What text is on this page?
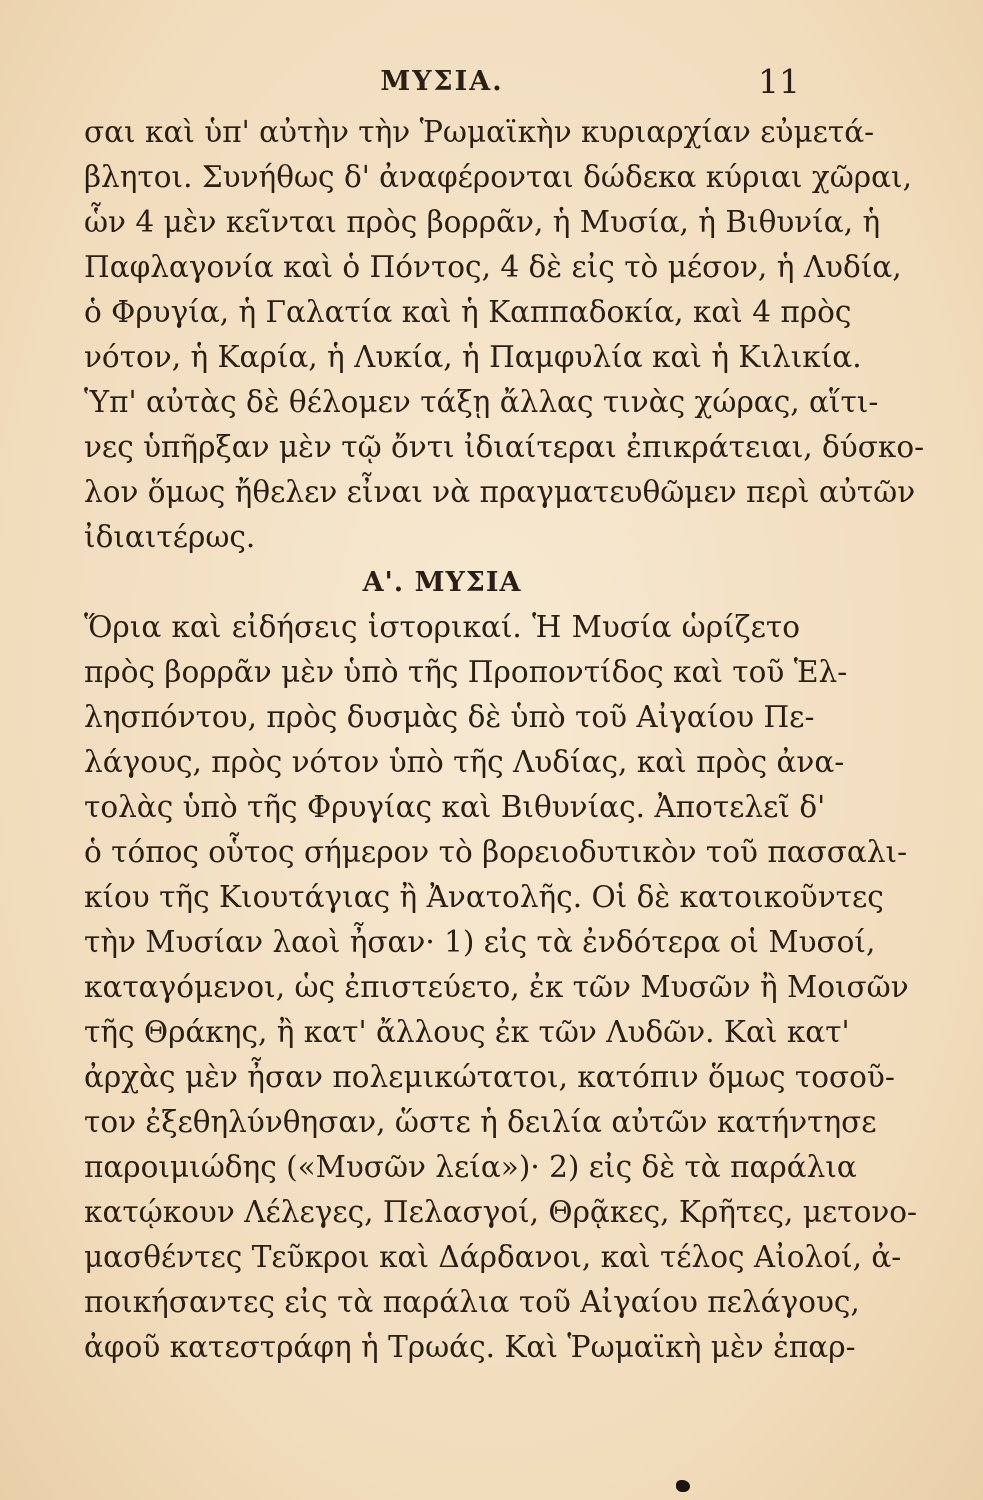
ΜΥΣΙΑ.	11
σαι καὶ ὑπ' αὐτὴν τὴν Ῥωμαϊκὴν κυριαρχίαν εὐμετά-
βλητοι. Συνήθως δ' ἀναφέρονται δώδεκα κύριαι χῶραι,
ὧν 4 μὲν κεῖνται πρὸς βορρᾶν, ἡ Μυσία, ἡ Βιθυνία, ἡ
Παφλαγονία καὶ ὁ Πόντος, 4 δὲ εἰς τὸ μέσον, ἡ Λυδία,
ὁ Φρυγία, ἡ Γαλατία καὶ ἡ Καππαδοκία, καὶ 4 πρὸς
νότον, ἡ Καρία, ἡ Λυκία, ἡ Παμφυλία καὶ ἡ Κιλικία.
Ὑπ' αὐτὰς δὲ θέλομεν τάξῃ ἄλλας τινὰς χώρας, αἵτι-
νες ὑπῆρξαν μὲν τῷ ὄντι ἰδιαίτεραι ἐπικράτειαι, δύσκο-
λον ὅμως ἤθελεν εἶναι νὰ πραγματευθῶμεν περὶ αὐτῶν
ἰδιαιτέρως.
Α'. ΜΥΣΙΑ
Ὅρια καὶ εἰδήσεις ἱστορικαί. Ἡ Μυσία ὡρίζετο
πρὸς βορρᾶν μὲν ὑπὸ τῆς Προποντίδος καὶ τοῦ Ἑλ-
λησπόντου, πρὸς δυσμὰς δὲ ὑπὸ τοῦ Αἰγαίου Πε-
λάγους, πρὸς νότον ὑπὸ τῆς Λυδίας, καὶ πρὸς ἀνα-
τολὰς ὑπὸ τῆς Φρυγίας καὶ Βιθυνίας. Ἀποτελεῖ δ'
ὁ τόπος οὗτος σήμερον τὸ βορειοδυτικὸν τοῦ πασσαλι-
κίου τῆς Κιουτάγιας ἢ Ἀνατολῆς. Οἱ δὲ κατοικοῦντες
τὴν Μυσίαν λαοὶ ἦσαν· 1) εἰς τὰ ἐνδότερα οἱ Μυσοί,
καταγόμενοι, ὡς ἐπιστεύετο, ἐκ τῶν Μυσῶν ἢ Μοισῶν
τῆς Θράκης, ἢ κατ' ἄλλους ἐκ τῶν Λυδῶν. Καὶ κατ'
ἀρχὰς μὲν ἦσαν πολεμικώτατοι, κατόπιν ὅμως τοσοῦ-
τον ἐξεθηλύνθησαν, ὥστε ἡ δειλία αὐτῶν κατήντησε
παροιμιώδης («Μυσῶν λεία»)· 2) εἰς δὲ τὰ παράλια
κατῴκουν Λέλεγες, Πελασγοί, Θρᾷκες, Κρῆτες, μετονο-
μασθέντες Τεῦκροι καὶ Δάρδανοι, καὶ τέλος Αἰολοί, ἀ-
ποικήσαντες εἰς τὰ παράλια τοῦ Αἰγαίου πελάγους,
ἀφοῦ κατεστράφη ἡ Τρωάς. Καὶ Ῥωμαϊκὴ μὲν ἐπαρ-
